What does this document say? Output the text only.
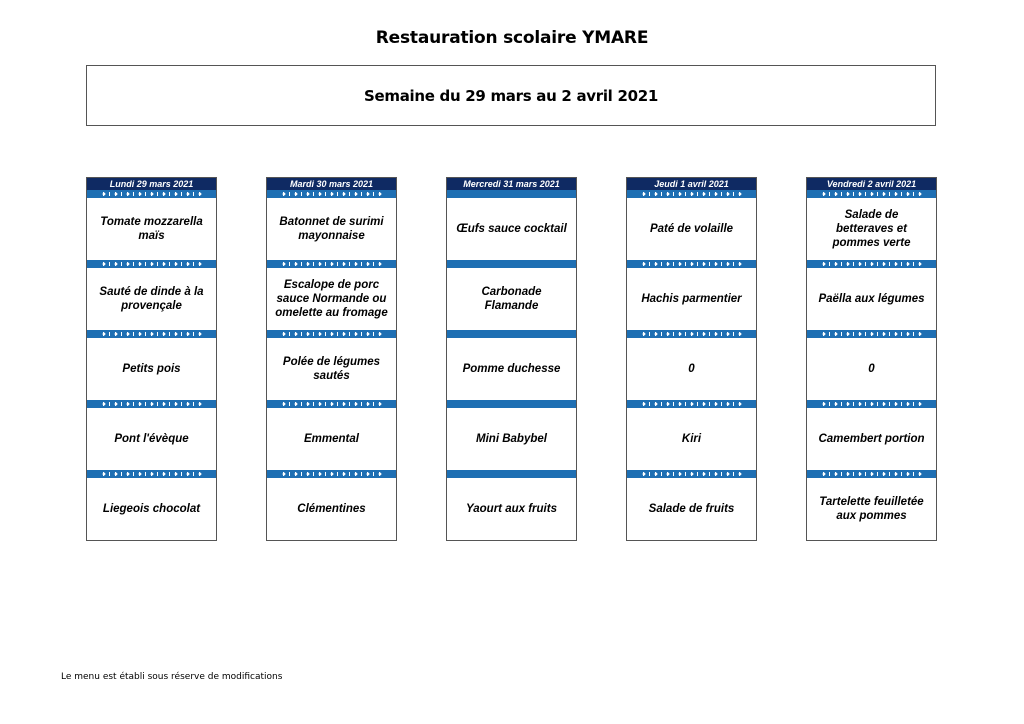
Restauration scolaire YMARE
Semaine du 29 mars au 2 avril 2021
Lundi 29 mars 2021
Tomate mozzarella maïs
Sauté de dinde à la provençale
Petits pois
Pont l'évèque
Liegeois chocolat
Mardi 30 mars 2021
Batonnet de surimi mayonnaise
Escalope de porc sauce Normande ou omelette au fromage
Polée de légumes sautés
Emmental
Clémentines
Mercredi 31 mars 2021
Œufs sauce cocktail
Carbonade Flamande
Pomme duchesse
Mini Babybel
Yaourt aux fruits
Jeudi 1 avril 2021
Paté de volaille
Hachis parmentier
0
Kiri
Salade de fruits
Vendredi 2 avril 2021
Salade de betteraves et pommes verte
Paëlla aux légumes
0
Camembert portion
Tartelette feuilletée aux pommes
Le menu est établi sous réserve de modifications
